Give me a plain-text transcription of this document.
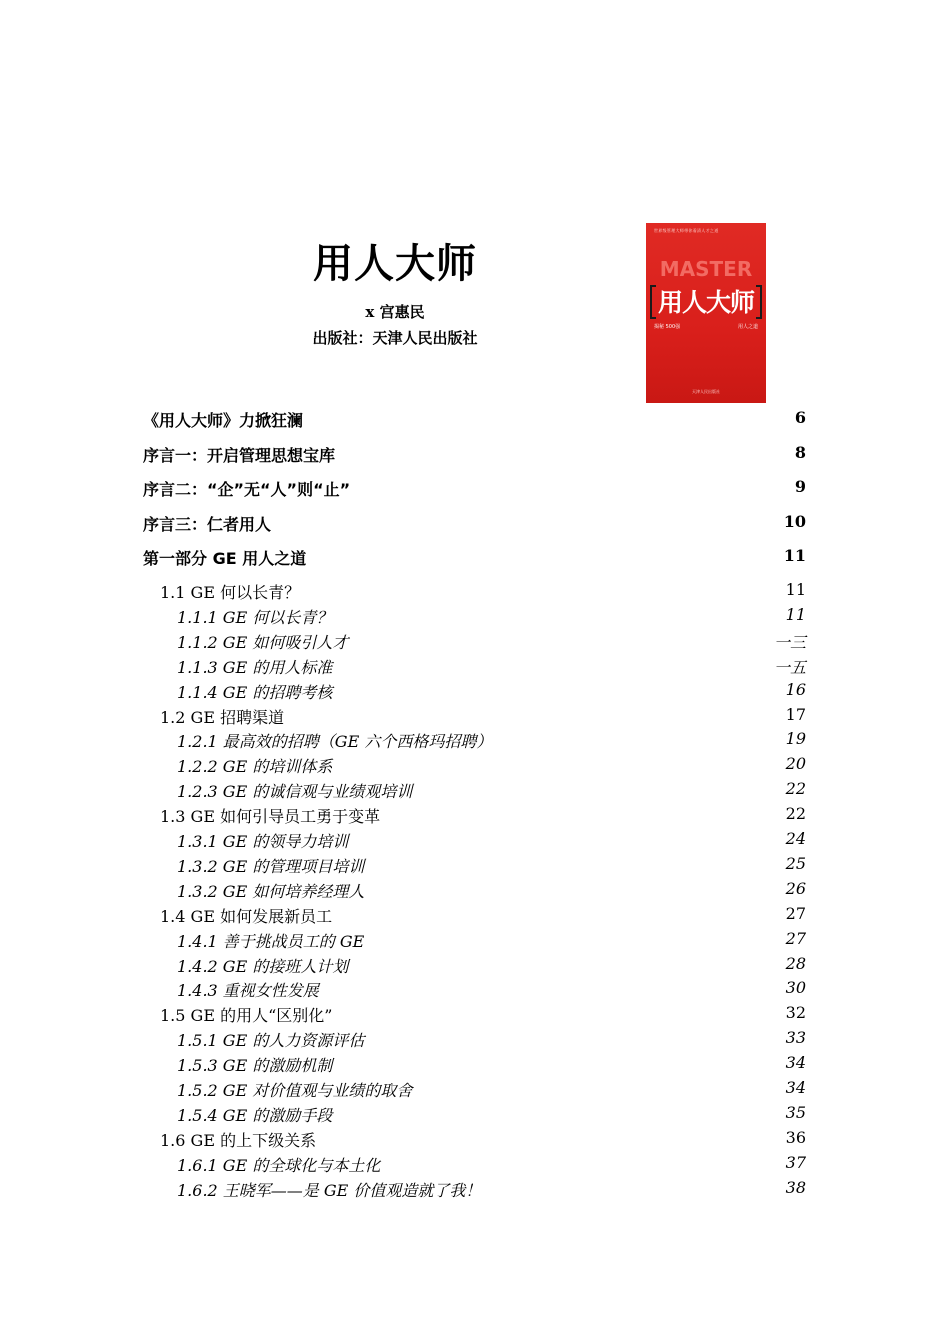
用人大师
x 宫惠民
出版社：天津人民出版社
世界级管理大师带你看清人才之道
MASTER
用人大师
揭秘 500强	用人之道
天津人民出版社
《用人大师》力掀狂澜	6
序言一：开启管理思想宝库	8
序言二：“企”无“人”则“止”	9
序言三：仁者用人	10
第一部分 GE 用人之道	11
1.1 GE 何以长青？	11
1.1.1 GE 何以长青？	11
1.1.2 GE 如何吸引人才	一三
1.1.3 GE 的用人标准	一五
1.1.4 GE 的招聘考核	16
1.2 GE 招聘渠道	17
1.2.1 最高效的招聘（GE 六个西格玛招聘）	19
1.2.2 GE 的培训体系	20
1.2.3 GE 的诚信观与业绩观培训	22
1.3 GE 如何引导员工勇于变革	22
1.3.1 GE 的领导力培训	24
1.3.2 GE 的管理项目培训	25
1.3.2 GE 如何培养经理人	26
1.4 GE 如何发展新员工	27
1.4.1 善于挑战员工的 GE	27
1.4.2 GE 的接班人计划	28
1.4.3 重视女性发展	30
1.5 GE 的用人“区别化”	32
1.5.1 GE 的人力资源评估	33
1.5.3 GE 的激励机制	34
1.5.2 GE 对价值观与业绩的取舍	34
1.5.4 GE 的激励手段	35
1.6 GE 的上下级关系	36
1.6.1 GE 的全球化与本土化	37
1.6.2 王晓军——是 GE 价值观造就了我！	38
